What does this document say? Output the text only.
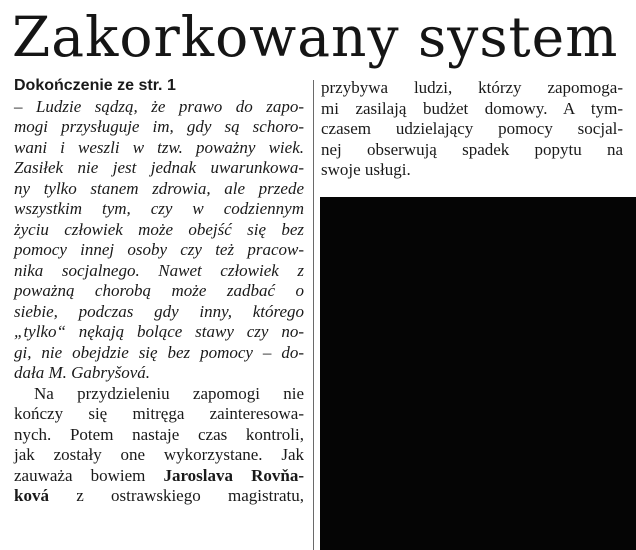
Zakorkowany system
Dokończenie ze str. 1
– Ludzie sądzą, że prawo do zapo-
mogi przysługuje im, gdy są schoro-
wani i weszli w tzw. poważny wiek.
Zasiłek nie jest jednak uwarunkowa-
ny tylko stanem zdrowia, ale przede
wszystkim tym, czy w codziennym
życiu człowiek może obejść się bez
pomocy innej osoby czy też pracow-
nika socjalnego. Nawet człowiek z
poważną chorobą może zadbać o
siebie, podczas gdy inny, którego
„tylko“ nękają bolące stawy czy no-
gi, nie obejdzie się bez pomocy – do-
dała M. Gabryšová.
Na przydzieleniu zapomogi nie
kończy się mitręga zainteresowa-
nych. Potem nastaje czas kontroli,
jak zostały one wykorzystane. Jak
zauważa bowiem Jaroslava Rovňa-
ková z ostrawskiego magistratu,
przybywa ludzi, którzy zapomoga-
mi zasilają budżet domowy. A tym-
czasem udzielający pomocy socjal-
nej obserwują spadek popytu na
swoje usługi.
